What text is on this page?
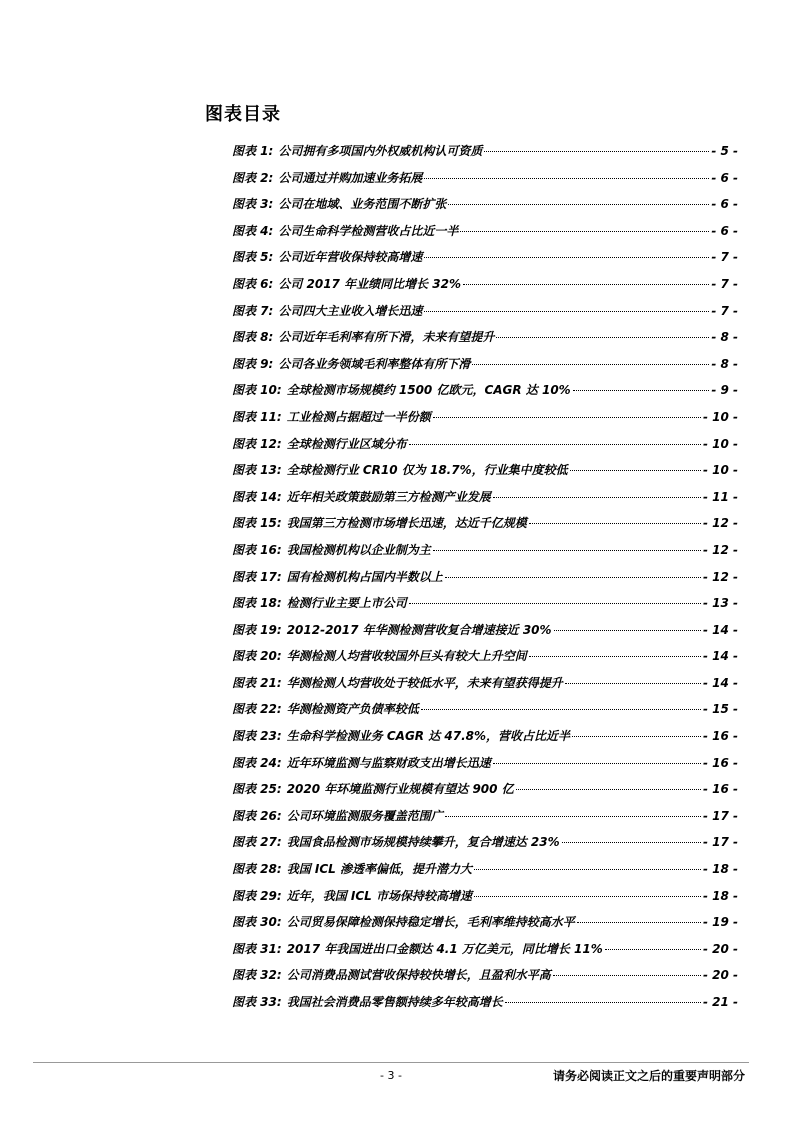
图表目录
图表 1: 公司拥有多项国内外权威机构认可资质	- 5 -
图表 2: 公司通过并购加速业务拓展	- 6 -
图表 3: 公司在地域、业务范围不断扩张	- 6 -
图表 4: 公司生命科学检测营收占比近一半	- 6 -
图表 5: 公司近年营收保持较高增速	- 7 -
图表 6: 公司 2017 年业绩同比增长 32%	- 7 -
图表 7: 公司四大主业收入增长迅速	- 7 -
图表 8: 公司近年毛利率有所下滑，未来有望提升	- 8 -
图表 9: 公司各业务领域毛利率整体有所下滑	- 8 -
图表 10: 全球检测市场规模约 1500 亿欧元，CAGR 达 10%	- 9 -
图表 11: 工业检测占据超过一半份额	- 10 -
图表 12: 全球检测行业区域分布	- 10 -
图表 13: 全球检测行业 CR10 仅为 18.7%，行业集中度较低	- 10 -
图表 14: 近年相关政策鼓励第三方检测产业发展	- 11 -
图表 15: 我国第三方检测市场增长迅速，达近千亿规模	- 12 -
图表 16: 我国检测机构以企业制为主	- 12 -
图表 17: 国有检测机构占国内半数以上	- 12 -
图表 18: 检测行业主要上市公司	- 13 -
图表 19: 2012-2017 年华测检测营收复合增速接近 30%	- 14 -
图表 20: 华测检测人均营收较国外巨头有较大上升空间	- 14 -
图表 21: 华测检测人均营收处于较低水平，未来有望获得提升	- 14 -
图表 22: 华测检测资产负债率较低	- 15 -
图表 23: 生命科学检测业务 CAGR 达 47.8%，营收占比近半	- 16 -
图表 24: 近年环境监测与监察财政支出增长迅速	- 16 -
图表 25: 2020 年环境监测行业规模有望达 900 亿	- 16 -
图表 26: 公司环境监测服务覆盖范围广	- 17 -
图表 27: 我国食品检测市场规模持续攀升，复合增速达 23%	- 17 -
图表 28: 我国 ICL 渗透率偏低，提升潜力大	- 18 -
图表 29: 近年，我国 ICL 市场保持较高增速	- 18 -
图表 30: 公司贸易保障检测保持稳定增长，毛利率维持较高水平	- 19 -
图表 31: 2017 年我国进出口金额达 4.1 万亿美元，同比增长 11%	- 20 -
图表 32: 公司消费品测试营收保持较快增长，且盈利水平高	- 20 -
图表 33: 我国社会消费品零售额持续多年较高增长	- 21 -
- 3 -	请务必阅读正文之后的重要声明部分
